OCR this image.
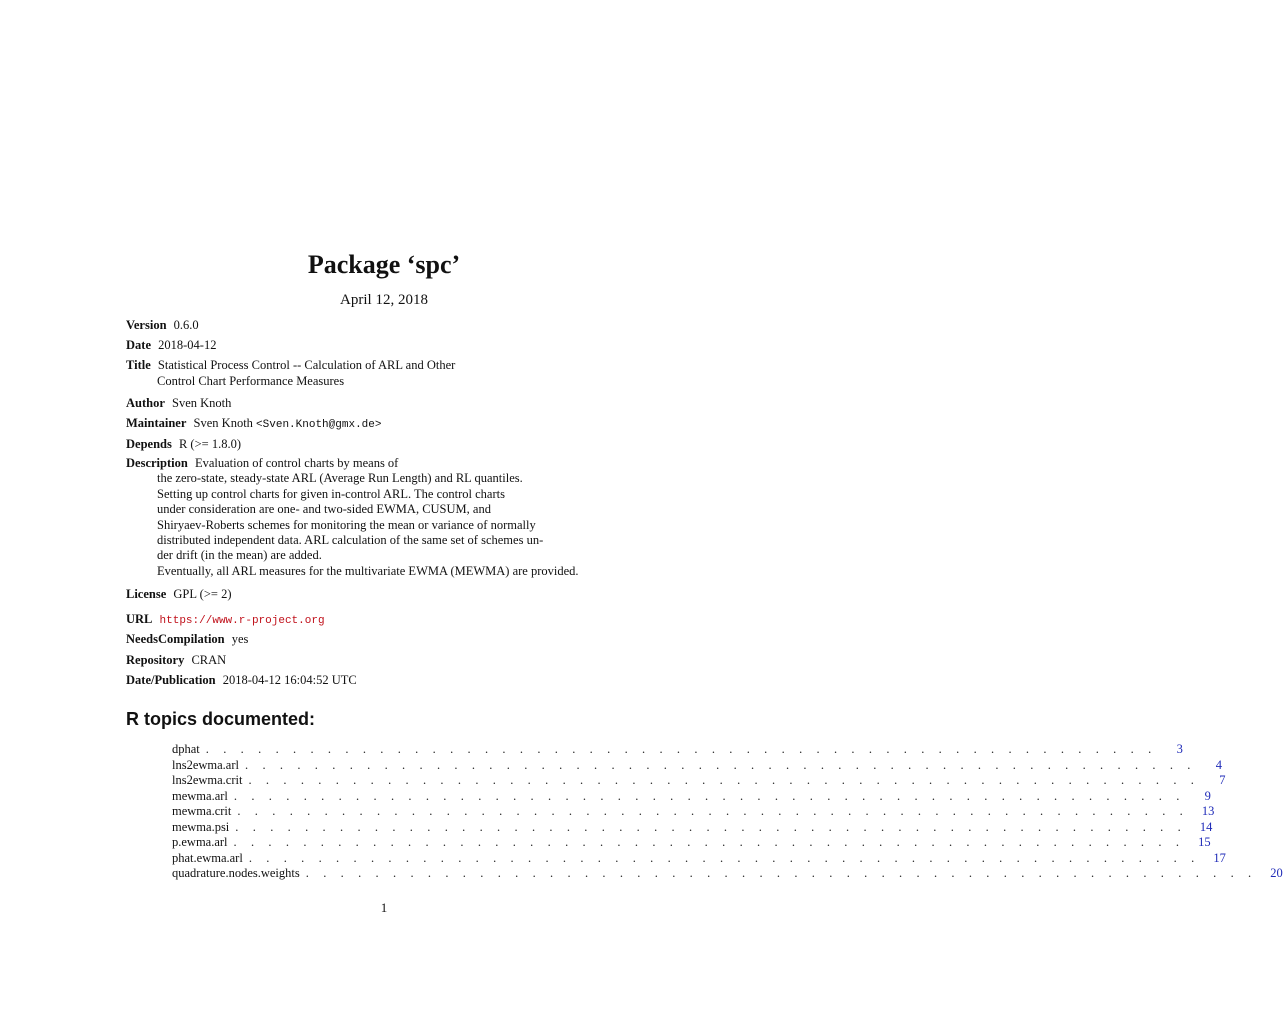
Package ‘spc’
April 12, 2018
Version 0.6.0
Date 2018-04-12
Title Statistical Process Control -- Calculation of ARL and Other
Control Chart Performance Measures
Author Sven Knoth
Maintainer Sven Knoth <Sven.Knoth@gmx.de>
Depends R (>= 1.8.0)
Description Evaluation of control charts by means of
the zero-state, steady-state ARL (Average Run Length) and RL quantiles.
Setting up control charts for given in-control ARL. The control charts
under consideration are one- and two-sided EWMA, CUSUM, and
Shiryaev-Roberts schemes for monitoring the mean or variance of normally
distributed independent data. ARL calculation of the same set of schemes un-
der drift (in the mean) are added.
Eventually, all ARL measures for the multivariate EWMA (MEWMA) are provided.
License GPL (>= 2)
URL https://www.r-project.org
NeedsCompilation yes
Repository CRAN
Date/Publication 2018-04-12 16:04:52 UTC
R topics documented:
dphat . . . . . . . . . . . . . . . . . . . . . . . . . . . . . . . . . . . . . . . . . . . . . . . . . . . . . . .	3
lns2ewma.arl . . . . . . . . . . . . . . . . . . . . . . . . . . . . . . . . . . . . . . . . . . . . . . . . . . . . . . .	4
lns2ewma.crit . . . . . . . . . . . . . . . . . . . . . . . . . . . . . . . . . . . . . . . . . . . . . . . . . . . . . . .	7
mewma.arl . . . . . . . . . . . . . . . . . . . . . . . . . . . . . . . . . . . . . . . . . . . . . . . . . . . . . . .	9
mewma.crit . . . . . . . . . . . . . . . . . . . . . . . . . . . . . . . . . . . . . . . . . . . . . . . . . . . . . . .	13
mewma.psi . . . . . . . . . . . . . . . . . . . . . . . . . . . . . . . . . . . . . . . . . . . . . . . . . . . . . . .	14
p.ewma.arl . . . . . . . . . . . . . . . . . . . . . . . . . . . . . . . . . . . . . . . . . . . . . . . . . . . . . . .	15
phat.ewma.arl . . . . . . . . . . . . . . . . . . . . . . . . . . . . . . . . . . . . . . . . . . . . . . . . . . . . . . .	17
quadrature.nodes.weights . . . . . . . . . . . . . . . . . . . . . . . . . . . . . . . . . . . . . . . . . . . . . . . . . . . . . . .	20
1
